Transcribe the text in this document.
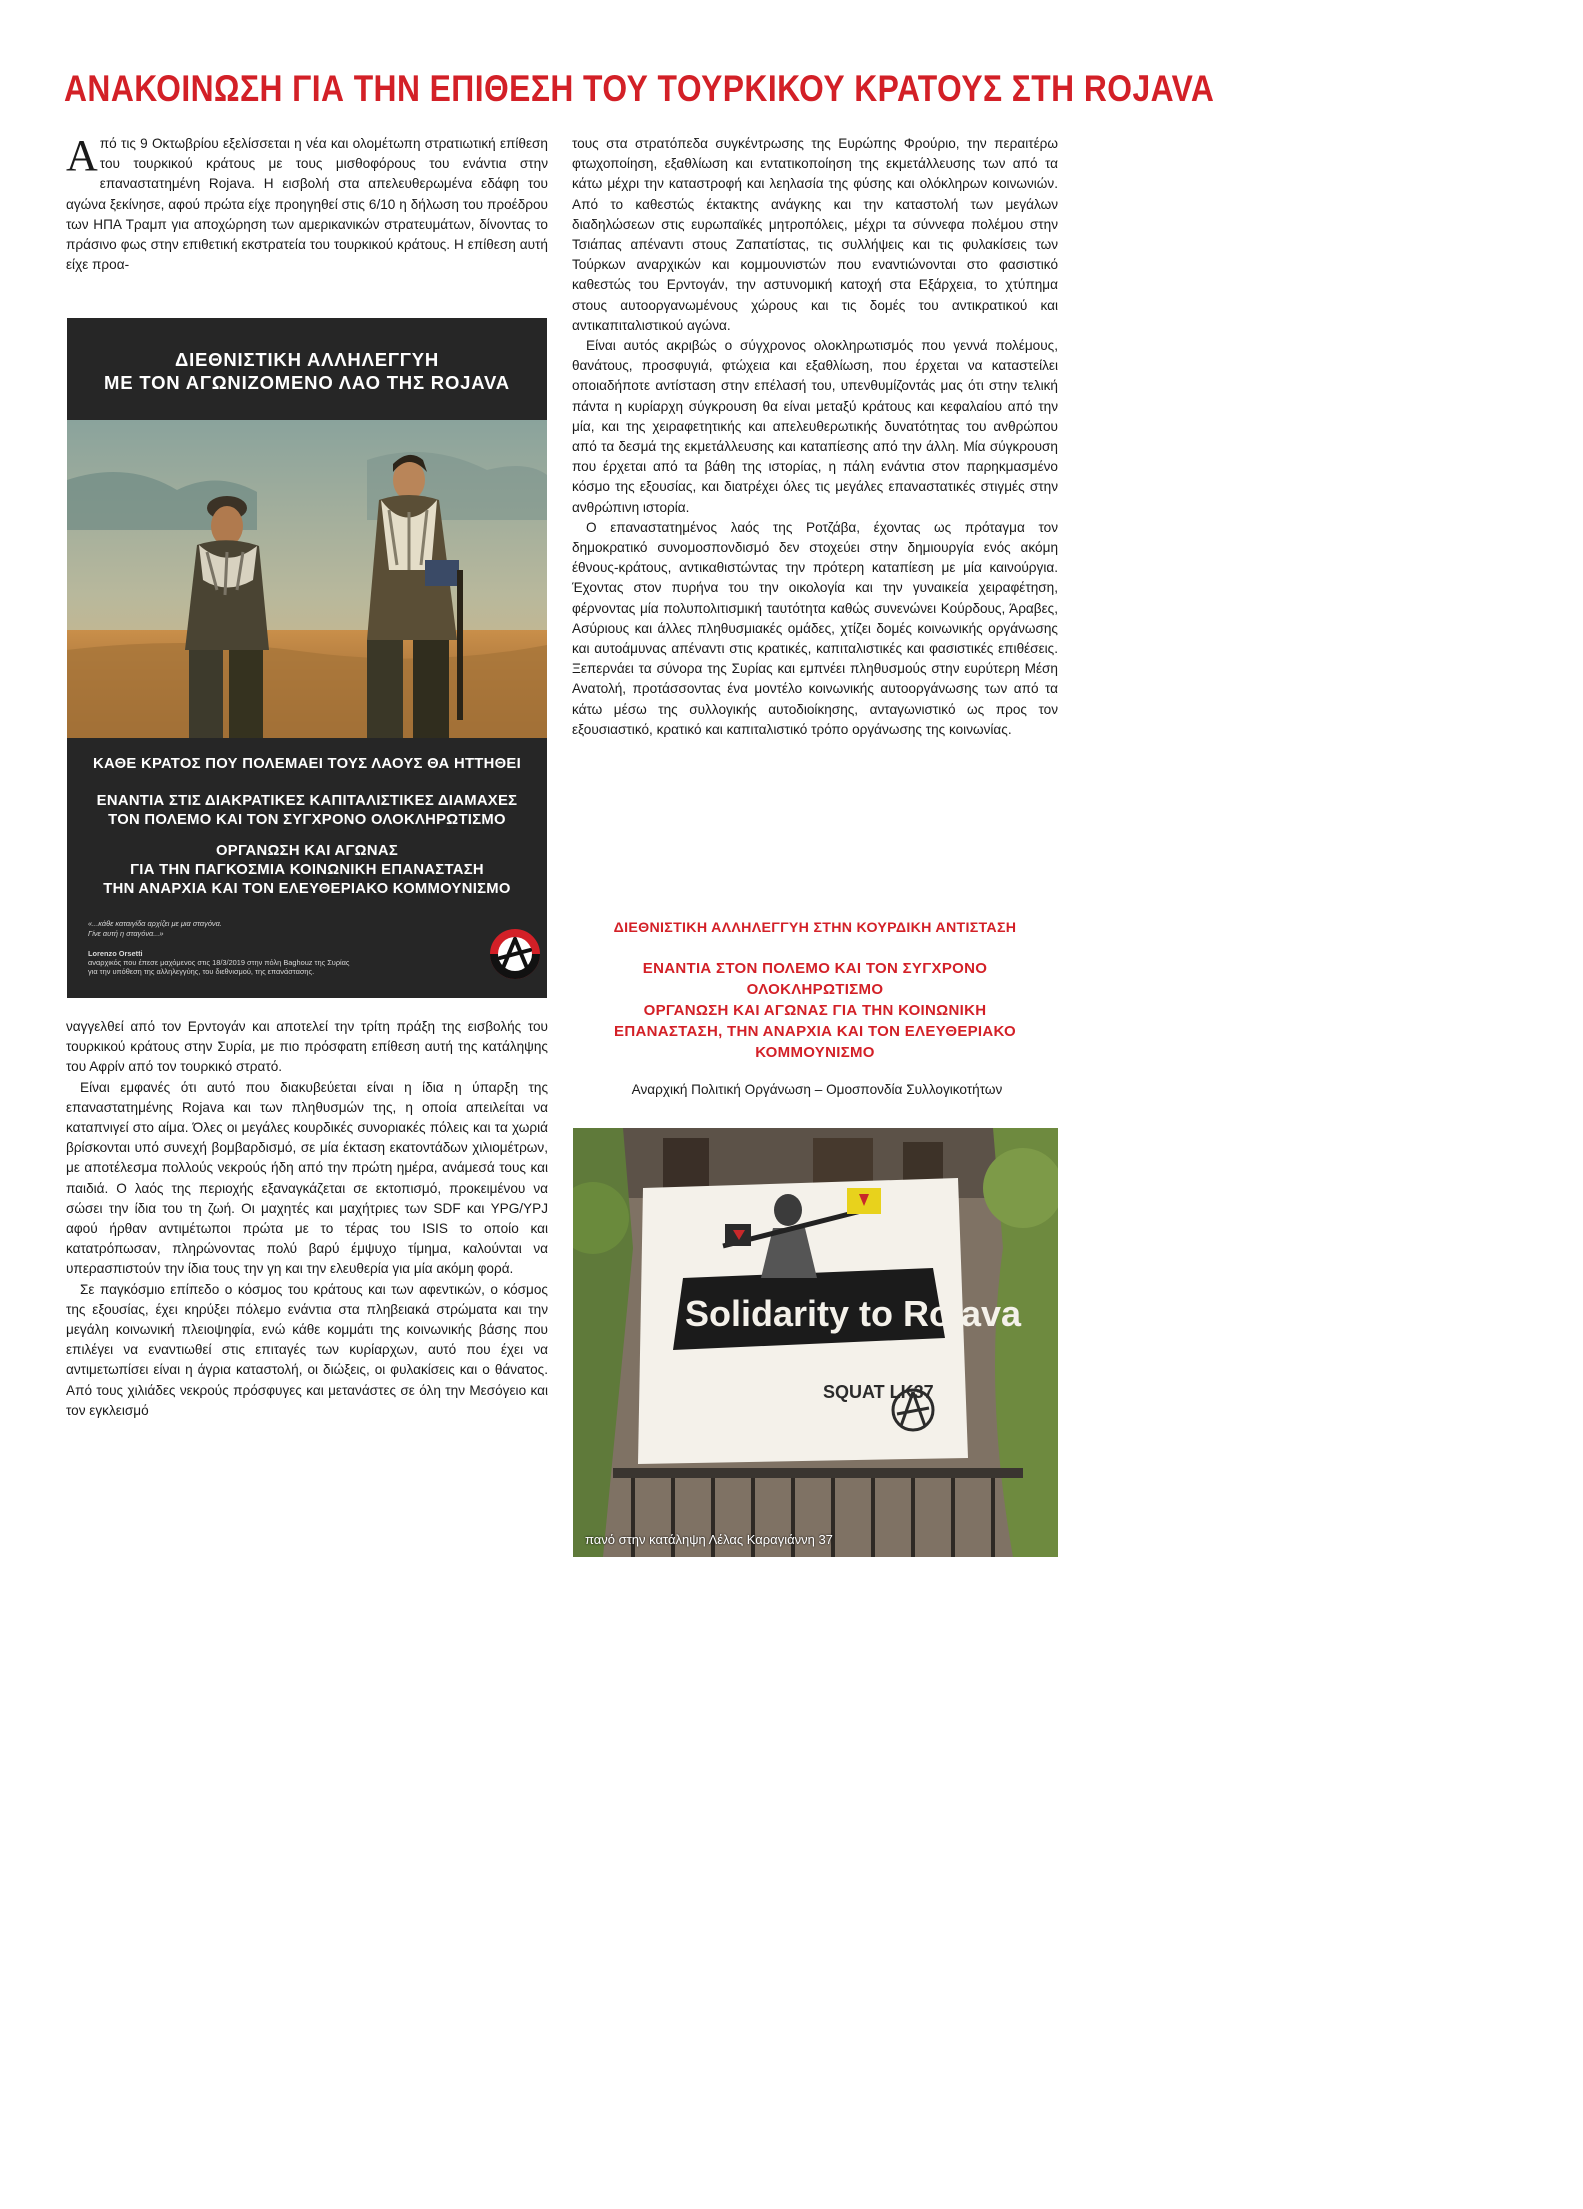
ΑΝΑΚΟΙΝΩΣΗ ΓΙΑ ΤΗΝ ΕΠΙΘΕΣΗ ΤΟΥ ΤΟΥΡΚΙΚΟΥ ΚΡΑΤΟΥΣ ΣΤΗ ROJAVA

Από τις 9 Οκτωβρίου εξελίσσεται η νέα και ολομέτωπη στρατιωτική επίθεση του τουρκικού κράτους με τους μισθοφόρους του ενάντια στην επαναστατημένη Rojava. Η εισβολή στα απελευθερωμένα εδάφη του αγώνα ξεκίνησε, αφού πρώτα είχε προηγηθεί στις 6/10 η δήλωση του προέδρου των ΗΠΑ Τραμπ για αποχώρηση των αμερικανικών στρατευμάτων, δίνοντας το πράσινο φως στην επιθετική εκστρατεία του τουρκικού κράτους. Η επίθεση αυτή είχε προα-

ΔΙΕΘΝΙΣΤΙΚΗ ΑΛΛΗΛΕΓΓΥΗ
ΜΕ ΤΟΝ ΑΓΩΝΙΖΟΜΕΝΟ ΛΑΟ ΤΗΣ ROJAVA
ΚΑΘΕ ΚΡΑΤΟΣ ΠΟΥ ΠΟΛΕΜΑΕΙ ΤΟΥΣ ΛΑΟΥΣ ΘΑ ΗΤΤΗΘΕΙ
ΕΝΑΝΤΙΑ ΣΤΙΣ ΔΙΑΚΡΑΤΙΚΕΣ ΚΑΠΙΤΑΛΙΣΤΙΚΕΣ ΔΙΑΜΑΧΕΣ
ΤΟΝ ΠΟΛΕΜΟ ΚΑΙ ΤΟΝ ΣΥΓΧΡΟΝΟ ΟΛΟΚΛΗΡΩΤΙΣΜΟ
ΟΡΓΑΝΩΣΗ ΚΑΙ ΑΓΩΝΑΣ
ΓΙΑ ΤΗΝ ΠΑΓΚΟΣΜΙΑ ΚΟΙΝΩΝΙΚΗ ΕΠΑΝΑΣΤΑΣΗ
ΤΗΝ ΑΝΑΡΧΙΑ ΚΑΙ ΤΟΝ ΕΛΕΥΘΕΡΙΑΚΟ ΚΟΜΜΟΥΝΙΣΜΟ
«...κάθε καταιγίδα αρχίζει με μια σταγόνα.
Γίνε αυτή η σταγόνα...»
Lorenzo Orsetti
αναρχικός που έπεσε μαχόμενος στις 18/3/2019 στην πόλη Baghouz της Συρίας
για την υπόθεση της αλληλεγγύης, του διεθνισμού, της επανάστασης.

ναγγελθεί από τον Ερντογάν και αποτελεί την τρίτη πράξη της εισβολής του τουρκικού κράτους στην Συρία, με πιο πρόσφατη επίθεση αυτή της κατάληψης του Αφρίν από τον τουρκικό στρατό.

Είναι εμφανές ότι αυτό που διακυβεύεται είναι η ίδια η ύπαρξη της επαναστατημένης Rojava και των πληθυσμών της, η οποία απειλείται να καταπνιγεί στο αίμα. Όλες οι μεγάλες κουρδικές συνοριακές πόλεις και τα χωριά βρίσκονται υπό συνεχή βομβαρδισμό, σε μία έκταση εκατοντάδων χιλιομέτρων, με αποτέλεσμα πολλούς νεκρούς ήδη από την πρώτη ημέρα, ανάμεσά τους και παιδιά. Ο λαός της περιοχής εξαναγκάζεται σε εκτοπισμό, προκειμένου να σώσει την ίδια του τη ζωή. Οι μαχητές και μαχήτριες των SDF και YPG/YPJ αφού ήρθαν αντιμέτωποι πρώτα με το τέρας του ISIS το οποίο και κατατρόπωσαν, πληρώνοντας πολύ βαρύ έμψυχο τίμημα, καλούνται να υπερασπιστούν την ίδια τους την γη και την ελευθερία για μία ακόμη φορά.

Σε παγκόσμιο επίπεδο ο κόσμος του κράτους και των αφεντικών, ο κόσμος της εξουσίας, έχει κηρύξει πόλεμο ενάντια στα πληβειακά στρώματα και την μεγάλη κοινωνική πλειοψηφία, ενώ κάθε κομμάτι της κοινωνικής βάσης που επιλέγει να εναντιωθεί στις επιταγές των κυρίαρχων, αυτό που έχει να αντιμετωπίσει είναι η άγρια καταστολή, οι διώξεις, οι φυλακίσεις και ο θάνατος. Από τους χιλιάδες νεκρούς πρόσφυγες και μετανάστες σε όλη την Μεσόγειο και τον εγκλεισμό

τους στα στρατόπεδα συγκέντρωσης της Ευρώπης Φρούριο, την περαιτέρω φτωχοποίηση, εξαθλίωση και εντατικοποίηση της εκμετάλλευσης των από τα κάτω μέχρι την καταστροφή και λεηλασία της φύσης και ολόκληρων κοινωνιών. Από το καθεστώς έκτακτης ανάγκης και την καταστολή των μεγάλων διαδηλώσεων στις ευρωπαϊκές μητροπόλεις, μέχρι τα σύννεφα πολέμου στην Τσιάπας απέναντι στους Ζαπατίστας, τις συλλήψεις και τις φυλακίσεις των Τούρκων αναρχικών και κομμουνιστών που εναντιώνονται στο φασιστικό καθεστώς του Ερντογάν, την αστυνομική κατοχή στα Εξάρχεια, το χτύπημα στους αυτοοργανωμένους χώρους και τις δομές του αντικρατικού και αντικαπιταλιστικού αγώνα.

Είναι αυτός ακριβώς ο σύγχρονος ολοκληρωτισμός που γεννά πολέμους, θανάτους, προσφυγιά, φτώχεια και εξαθλίωση, που έρχεται να καταστείλει οποιαδήποτε αντίσταση στην επέλασή του, υπενθυμίζοντάς μας ότι στην τελική πάντα η κυρίαρχη σύγκρουση θα είναι μεταξύ κράτους και κεφαλαίου από την μία, και της χειραφετητικής και απελευθερωτικής δυνατότητας του ανθρώπου από τα δεσμά της εκμετάλλευσης και καταπίεσης από την άλλη. Μία σύγκρουση που έρχεται από τα βάθη της ιστορίας, η πάλη ενάντια στον παρηκμασμένο κόσμο της εξουσίας, και διατρέχει όλες τις μεγάλες επαναστατικές στιγμές στην ανθρώπινη ιστορία.

Ο επαναστατημένος λαός της Ροτζάβα, έχοντας ως πρόταγμα τον δημοκρατικό συνομοσπονδισμό δεν στοχεύει στην δημιουργία ενός ακόμη έθνους-κράτους, αντικαθιστώντας την πρότερη καταπίεση με μία καινούργια. Έχοντας στον πυρήνα του την οικολογία και την γυναικεία χειραφέτηση, φέρνοντας μία πολυπολιτισμική ταυτότητα καθώς συνενώνει Κούρδους, Άραβες, Ασύριους και άλλες πληθυσμιακές ομάδες, χτίζει δομές κοινωνικής οργάνωσης και αυτοάμυνας απέναντι στις κρατικές, καπιταλιστικές και φασιστικές επιθέσεις. Ξεπερνάει τα σύνορα της Συρίας και εμπνέει πληθυσμούς στην ευρύτερη Μέση Ανατολή, προτάσσοντας ένα μοντέλο κοινωνικής αυτοοργάνωσης των από τα κάτω μέσω της συλλογικής αυτοδιοίκησης, ανταγωνιστικό ως προς τον εξουσιαστικό, κρατικό και καπιταλιστικό τρόπο οργάνωσης της κοινωνίας.

ΔΙΕΘΝΙΣΤΙΚΗ ΑΛΛΗΛΕΓΓΥΗ ΣΤΗΝ ΚΟΥΡΔΙΚΗ ΑΝΤΙΣΤΑΣΗ
ΕΝΑΝΤΙΑ ΣΤΟΝ ΠΟΛΕΜΟ ΚΑΙ ΤΟΝ ΣΥΓΧΡΟΝΟ
ΟΛΟΚΛΗΡΩΤΙΣΜΟ
ΟΡΓΑΝΩΣΗ ΚΑΙ ΑΓΩΝΑΣ ΓΙΑ ΤΗΝ ΚΟΙΝΩΝΙΚΗ
ΕΠΑΝΑΣΤΑΣΗ, ΤΗΝ ΑΝΑΡΧΙΑ ΚΑΙ ΤΟΝ ΕΛΕΥΘΕΡΙΑΚΟ
ΚΟΜΜΟΥΝΙΣΜΟ
Αναρχική Πολιτική Οργάνωση – Ομοσπονδία Συλλογικοτήτων
Solidarity to Rojava
SQUAT LK37
πανό στην κατάληψη Λέλας Καραγιάννη 37
